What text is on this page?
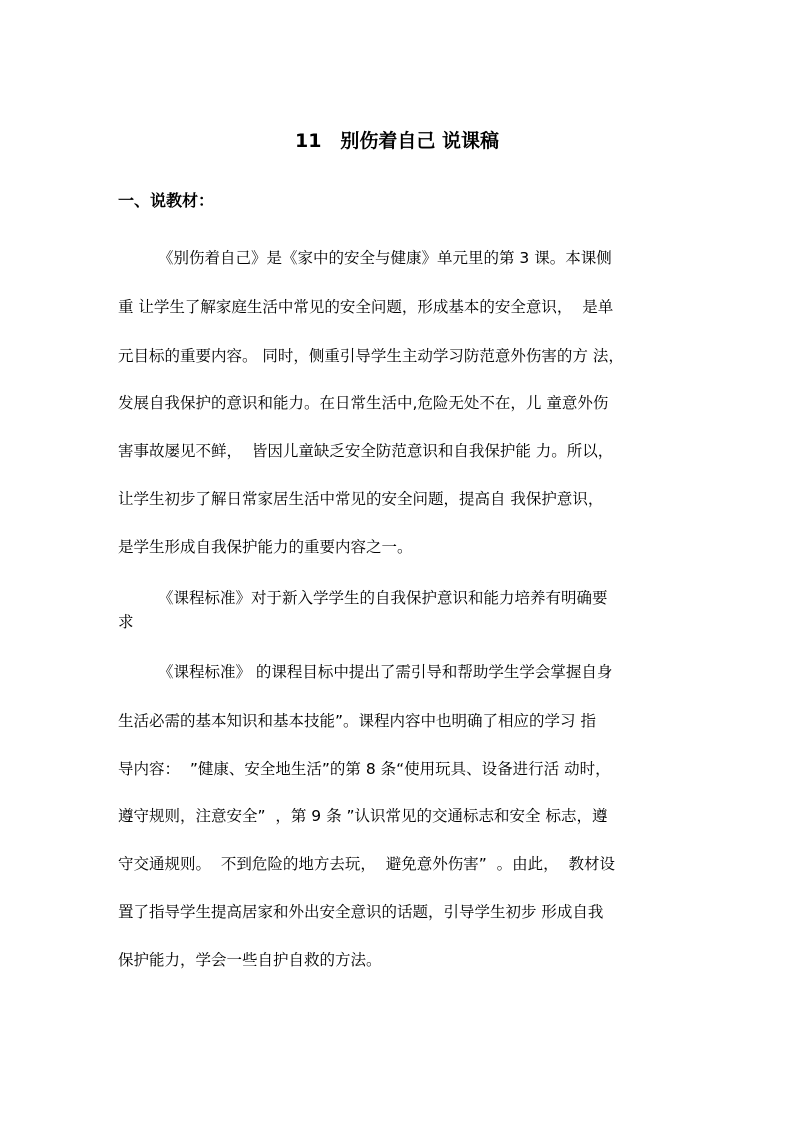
11　别伤着自己 说课稿
一、说教材：
《别伤着自己》是《家中的安全与健康》单元里的第 3 课。本课侧
重 让学生了解家庭生活中常见的安全问题，形成基本的安全意识，  是单
元目标的重要内容。 同时，侧重引导学生主动学习防范意外伤害的方 法，
发展自我保护的意识和能力。在日常生活中,危险无处不在，儿 童意外伤
害事故屡见不鲜，  皆因儿童缺乏安全防范意识和自我保护能 力。所以，
让学生初步了解日常家居生活中常见的安全问题，提高自 我保护意识，
是学生形成自我保护能力的重要内容之一。
《课程标准》对于新入学学生的自我保护意识和能力培养有明确要
求
《课程标准》 的课程目标中提出了需引导和帮助学生学会掌握自身
生活必需的基本知识和基本技能”。课程内容中也明确了相应的学习 指
导内容：  ”健康、安全地生活”的第 8 条“使用玩具、设备进行活 动时，
遵守规则，注意安全”  ，第 9 条 ”认识常见的交通标志和安全 标志，遵
守交通规则。  不到危险的地方去玩，  避免意外伤害”  。由此，  教材设
置了指导学生提高居家和外出安全意识的话题，引导学生初步 形成自我
保护能力，学会一些自护自救的方法。
